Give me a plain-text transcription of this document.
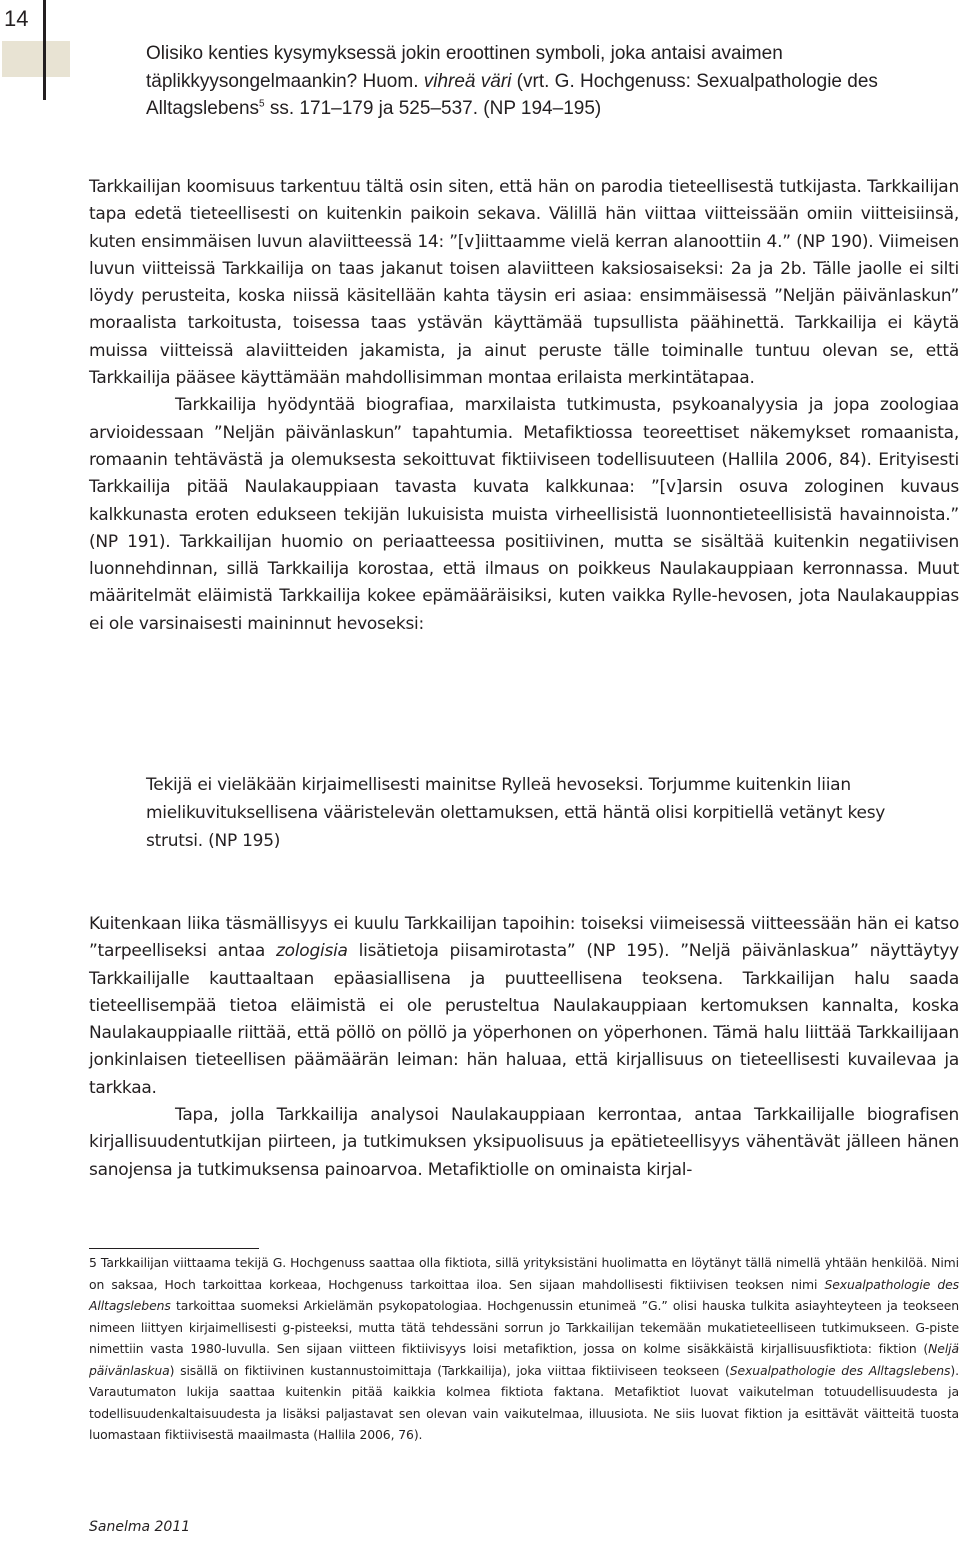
14

Olisiko kenties kysymyksessä jokin eroottinen symboli, joka antaisi avaimen täplikkyysongelmaankin? Huom. vihreä väri (vrt. G. Hochgenuss: Sexualpathologie des Alltagslebens$^5$ ss. 171–179 ja 525–537. (NP 194–195)

Tarkkailijan koomisuus tarkentuu tältä osin siten, että hän on parodia tieteellisestä tutkijasta. Tarkkailijan tapa edetä tieteellisesti on kuitenkin paikoin sekava. Välillä hän viittaa viitteissään omiin viitteisiinsä, kuten ensimmäisen luvun alaviitteessä 14: ”[v]iittaamme vielä kerran alanoottiin 4.” (NP 190). Viimeisen luvun viitteissä Tarkkailija on taas jakanut toisen alaviitteen kaksiosaiseksi: 2a ja 2b. Tälle jaolle ei silti löydy perusteita, koska niissä käsitellään kahta täysin eri asiaa: ensimmäisessä ”Neljän päivänlaskun” moraalista tarkoitusta, toisessa taas ystävän käyttämää tupsullista päähinettä. Tarkkailija ei käytä muissa viitteissä alaviitteiden jakamista, ja ainut peruste tälle toiminalle tuntuu olevan se, että Tarkkailija pääsee käyttämään mahdollisimman montaa erilaista merkintätapaa.

Tarkkailija hyödyntää biografiaa, marxilaista tutkimusta, psykoanalyysia ja jopa zoologiaa arvioidessaan ”Neljän päivänlaskun” tapahtumia. Metafiktiossa teoreettiset näkemykset romaanista, romaanin tehtävästä ja olemuksesta sekoittuvat fiktiiviseen todellisuuteen (Hallila 2006, 84). Erityisesti Tarkkailija pitää Naulakauppiaan tavasta kuvata kalkkunaa: ”[v]arsin osuva zologinen kuvaus kalkkunasta eroten edukseen tekijän lukuisista muista virheellisistä luonnontieteellisistä havainnoista.” (NP 191). Tarkkailijan huomio on periaatteessa positiivinen, mutta se sisältää kuitenkin negatiivisen luonnehdinnan, sillä Tarkkailija korostaa, että ilmaus on poikkeus Naulakauppiaan kerronnassa. Muut määritelmät eläimistä Tarkkailija kokee epämääräisiksi, kuten vaikka Rylle-hevosen, jota Naulakauppias ei ole varsinaisesti maininnut hevoseksi:

Tekijä ei vieläkään kirjaimellisesti mainitse Rylleä hevoseksi. Torjumme kuitenkin liian mielikuvituksellisena vääristelevän olettamuksen, että häntä olisi korpitiellä vetänyt kesy strutsi. (NP 195)

Kuitenkaan liika täsmällisyys ei kuulu Tarkkailijan tapoihin: toiseksi viimeisessä viitteessään hän ei katso ”tarpeelliseksi antaa zologisia lisätietoja piisamirotasta” (NP 195). ”Neljä päivänlaskua” näyttäytyy Tarkkailijalle kauttaaltaan epäasiallisena ja puutteellisena teoksena. Tarkkailijan halu saada tieteellisempää tietoa eläimistä ei ole perusteltua Naulakauppiaan kertomuksen kannalta, koska Naulakauppiaalle riittää, että pöllö on pöllö ja yöperhonen on yöperhonen. Tämä halu liittää Tarkkailijaan jonkinlaisen tieteellisen päämäärän leiman: hän haluaa, että kirjallisuus on tieteellisesti kuvailevaa ja tarkkaa.

Tapa, jolla Tarkkailija analysoi Naulakauppiaan kerrontaa, antaa Tarkkailijalle biografisen kirjallisuudentutkijan piirteen, ja tutkimuksen yksipuolisuus ja epätieteellisyys vähentävät jälleen hänen sanojensa ja tutkimuksensa painoarvoa. Metafiktiolle on ominaista kirjal-

5 Tarkkailijan viittaama tekijä G. Hochgenuss saattaa olla fiktiota, sillä yrityksistäni huolimatta en löytänyt tällä nimellä yhtään henkilöä. Nimi on saksaa, Hoch tarkoittaa korkeaa, Hochgenuss tarkoittaa iloa. Sen sijaan mahdollisesti fiktiivisen teoksen nimi Sexualpathologie des Alltagslebens tarkoittaa suomeksi Arkielämän psykopatologiaa. Hochgenussin etunimeä ”G.” olisi hauska tulkita asiayhteyteen ja teokseen nimeen liittyen kirjaimellisesti g-pisteeksi, mutta tätä tehdessäni sorrun jo Tarkkailijan tekemään mukatieteelliseen tutkimukseen. G-piste nimettiin vasta 1980-luvulla. Sen sijaan viitteen fiktiivisyys loisi metafiktion, jossa on kolme sisäkkäistä kirjallisuusfiktiota: fiktion (Neljä päivänlaskua) sisällä on fiktiivinen kustannustoimittaja (Tarkkailija), joka viittaa fiktiiviseen teokseen (Sexualpathologie des Alltagslebens). Varautumaton lukija saattaa kuitenkin pitää kaikkia kolmea fiktiota faktana. Metafiktiot luovat vaikutelman totuudellisuudesta ja todellisuudenkaltaisuudesta ja lisäksi paljastavat sen olevan vain vaikutelmaa, illuusiota. Ne siis luovat fiktion ja esittävät väitteitä tuosta luomastaan fiktiivisestä maailmasta (Hallila 2006, 76).

Sanelma 2011
